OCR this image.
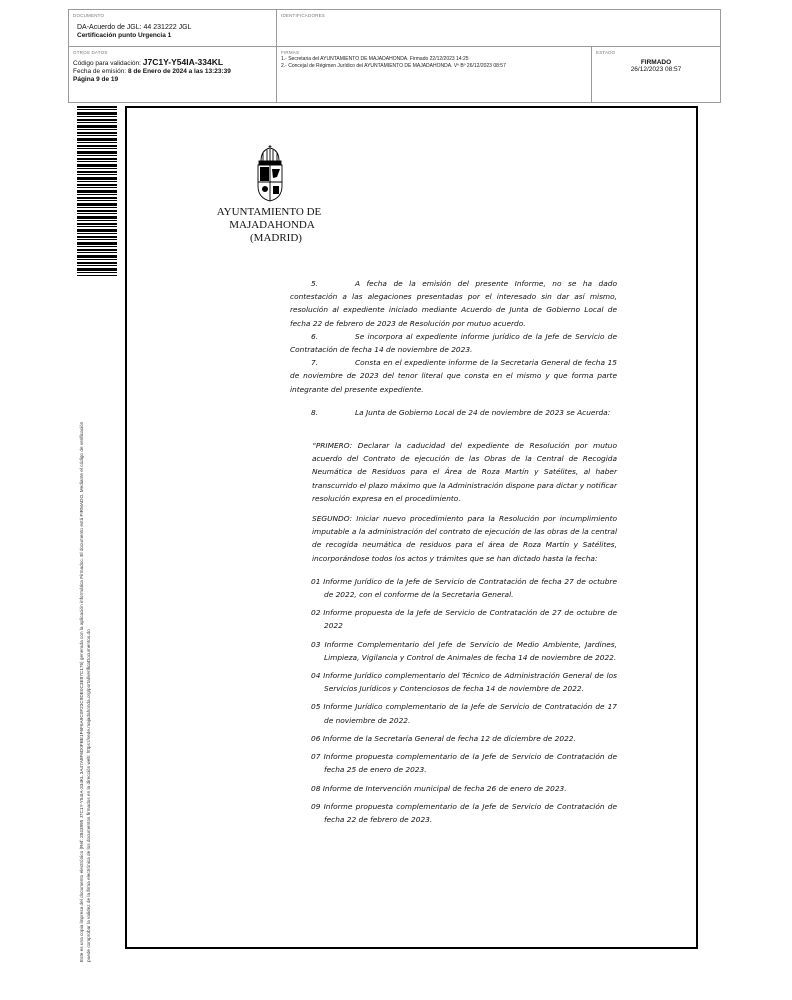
DOCUMENTO
DA-Acuerdo de JGL: 44 231222 JGL
Certificación punto Urgencia 1
IDENTIFICADORES
OTROS DATOS
Código para validación: J7C1Y-Y54IA-334KL
Fecha de emisión: 8 de Enero de 2024 a las 13:23:39
Página 9 de 19
FIRMAS
1.- Secretaria del AYUNTAMIENTO DE MAJADAHONDA. Firmado 22/12/2023 14:25
2.- Concejal de Régimen Jurídico del AYUNTAMIENTO DE MAJADAHONDA. Vº Bº 26/12/2023 08:57
ESTADO
FIRMADO
26/12/2023 08:57
Este es una copia impresa del documento electrónico (Ref: 2843895 J7C1Y-Y54IA-334KL 3A47A8F6D0FBE1F6F6A9C0F23C9DE0C3E87C176) generada con la aplicación informática Firmadoc. El documento está FIRMADO. Mediante el código de verificación puede comprobar la validez de la firma electrónica de los documentos firmados en la dirección web: https://sede.majadahonda.org/portal/verificaDocumentos.do
AYUNTAMIENTO DE
MAJADAHONDA
(MADRID)

5.	A fecha de la emisión del presente Informe, no se ha dado contestación a las alegaciones presentadas por el interesado sin dar así mismo, resolución al expediente iniciado mediante Acuerdo de Junta de Gobierno Local de fecha 22 de febrero de 2023 de Resolución por mutuo acuerdo.

6.	Se incorpora al expediente informe jurídico de la Jefe de Servicio de Contratación de fecha 14 de noviembre de 2023.

7.	Consta en el expediente informe de la Secretaria General de fecha 15 de noviembre de 2023 del tenor literal que consta en el mismo y que forma parte integrante del presente expediente.

8.	La Junta de Gobierno Local de 24 de noviembre de 2023 se Acuerda:

“PRIMERO: Declarar la caducidad del expediente de Resolución por mutuo acuerdo del Contrato de ejecución de las Obras de la Central de Recogida Neumática de Residuos para el Área de Roza Martín y Satélites, al haber transcurrido el plazo máximo que la Administración dispone para dictar y notificar resolución expresa en el procedimiento.

SEGUNDO: Iniciar nuevo procedimiento para la Resolución por incumplimiento imputable a la administración del contrato de ejecución de las obras de la central de recogida neumática de residuos para el área de Roza Martín y Satélites, incorporándose todos los actos y trámites que se han dictado hasta la fecha:

01 Informe Jurídico de la Jefe de Servicio de Contratación de fecha 27 de octubre de 2022, con el conforme de la Secretaria General.

02 Informe propuesta de la Jefe de Servicio de Contratación de 27 de octubre de 2022

03 Informe Complementario del Jefe de Servicio de Medio Ambiente, Jardines, Limpieza, Vigilancia y Control de Animales de fecha 14 de noviembre de 2022.

04 Informe Jurídico complementario del Técnico de Administración General de los Servicios Jurídicos y Contenciosos de fecha 14 de noviembre de 2022.

05 Informe Jurídico complementario de la Jefe de Servicio de Contratación de 17 de noviembre de 2022.

06 Informe de la Secretaría General de fecha 12 de diciembre de 2022.

07 Informe propuesta complementario de la Jefe de Servicio de Contratación de fecha 25 de enero de 2023.

08 Informe de Intervención municipal de fecha 26 de enero de 2023.

09 Informe propuesta complementario de la Jefe de Servicio de Contratación de fecha 22 de febrero de 2023.
